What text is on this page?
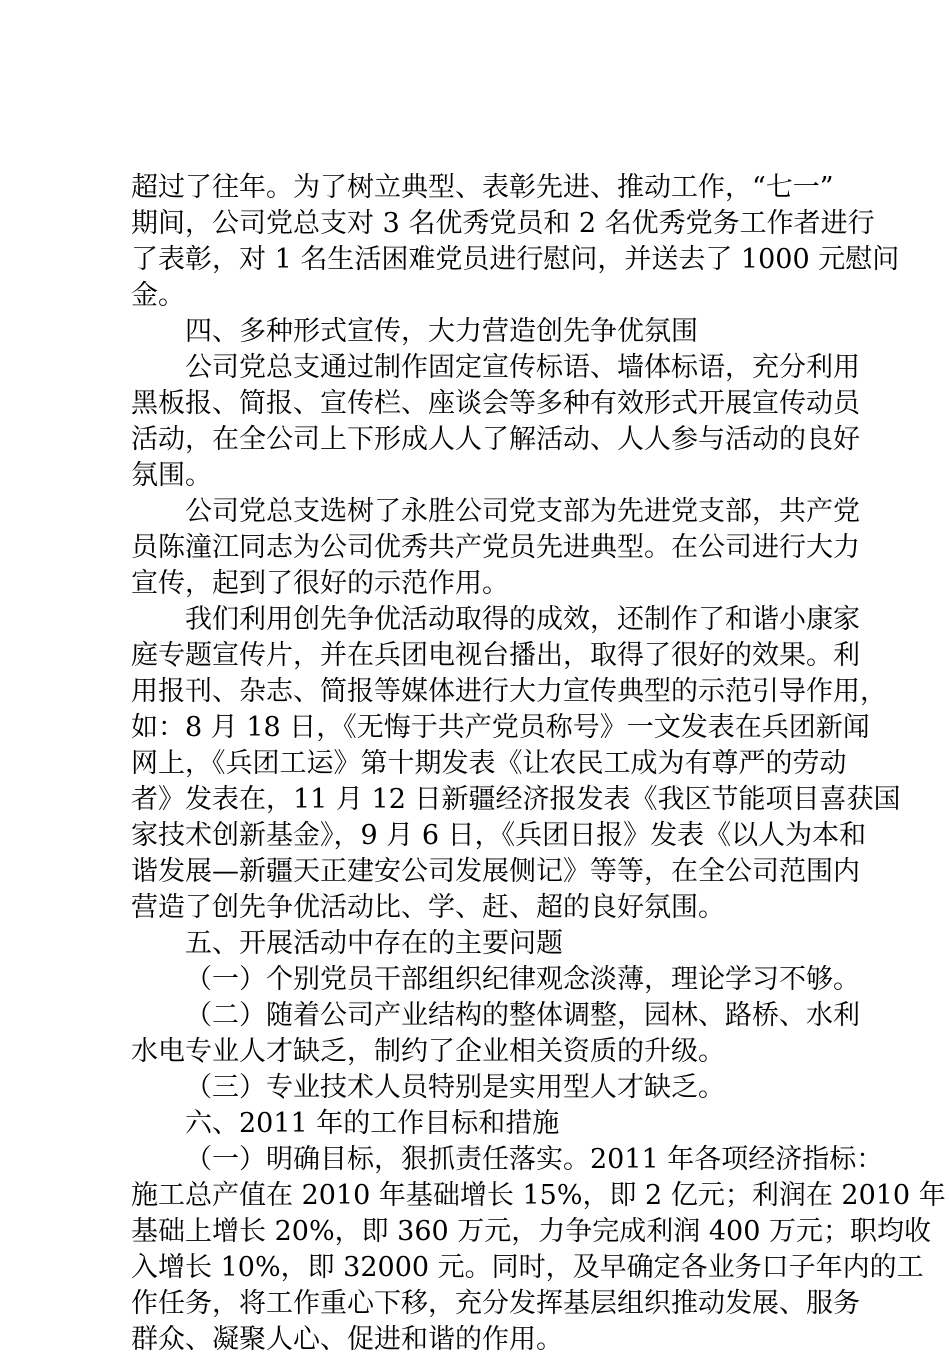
超过了往年。为了树立典型、表彰先进、推动工作，“七一”
期间，公司党总支对 3 名优秀党员和 2 名优秀党务工作者进行
了表彰，对 1 名生活困难党员进行慰问，并送去了 1000 元慰问
金。
四、多种形式宣传，大力营造创先争优氛围
公司党总支通过制作固定宣传标语、墙体标语，充分利用
黑板报、简报、宣传栏、座谈会等多种有效形式开展宣传动员
活动，在全公司上下形成人人了解活动、人人参与活动的良好
氛围。
公司党总支选树了永胜公司党支部为先进党支部，共产党
员陈潼江同志为公司优秀共产党员先进典型。在公司进行大力
宣传，起到了很好的示范作用。
我们利用创先争优活动取得的成效，还制作了和谐小康家
庭专题宣传片，并在兵团电视台播出，取得了很好的效果。利
用报刊、杂志、简报等媒体进行大力宣传典型的示范引导作用，
如：8 月 18 日，《无悔于共产党员称号》一文发表在兵团新闻
网上，《兵团工运》第十期发表《让农民工成为有尊严的劳动
者》发表在，11 月 12 日新疆经济报发表《我区节能项目喜获国
家技术创新基金》，9 月 6 日，《兵团日报》发表《以人为本和
谐发展—新疆天正建安公司发展侧记》等等，在全公司范围内
营造了创先争优活动比、学、赶、超的良好氛围。
五、开展活动中存在的主要问题
（一）个别党员干部组织纪律观念淡薄，理论学习不够。
（二）随着公司产业结构的整体调整，园林、路桥、水利
水电专业人才缺乏，制约了企业相关资质的升级。
（三）专业技术人员特别是实用型人才缺乏。
六、2011 年的工作目标和措施
（一）明确目标，狠抓责任落实。2011 年各项经济指标：
施工总产值在 2010 年基础增长 15%，即 2 亿元；利润在 2010 年
基础上增长 20%，即 360 万元，力争完成利润 400 万元；职均收
入增长 10%，即 32000 元。同时，及早确定各业务口子年内的工
作任务，将工作重心下移，充分发挥基层组织推动发展、服务
群众、凝聚人心、促进和谐的作用。
